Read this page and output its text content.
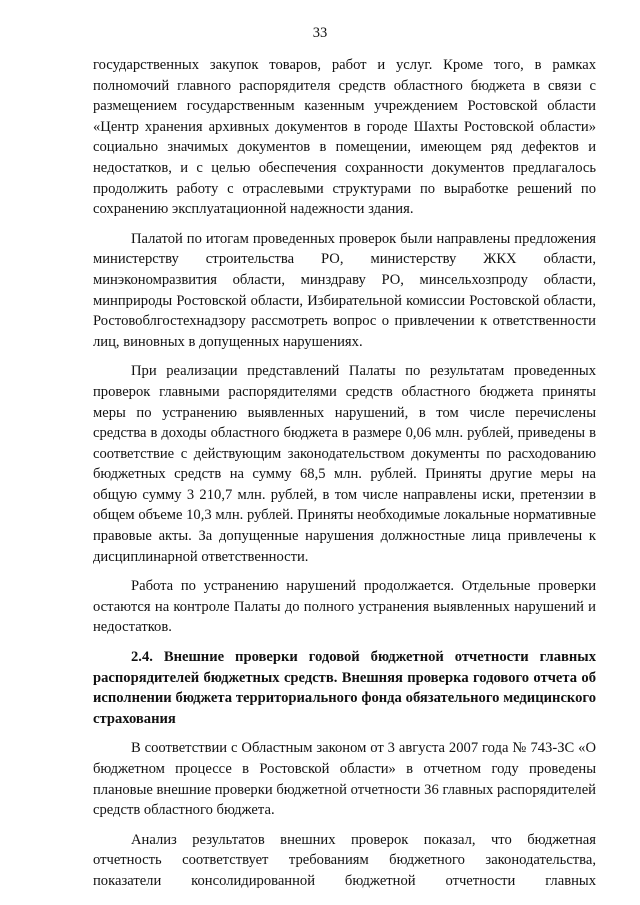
33

государственных закупок товаров, работ и услуг. Кроме того, в рамках полномочий главного распорядителя средств областного бюджета в связи с размещением государственным казенным учреждением Ростовской области «Центр хранения архивных документов в городе Шахты Ростовской области» социально значимых документов в помещении, имеющем ряд дефектов и недостатков, и с целью обеспечения сохранности документов предлагалось продолжить работу с отраслевыми структурами по выработке решений по сохранению эксплуатационной надежности здания.

Палатой по итогам проведенных проверок были направлены предложения министерству строительства РО, министерству ЖКХ области, минэкономразвития области, минздраву РО, минсельхозпроду области, минприроды Ростовской области, Избирательной комиссии Ростовской области, Ростовоблгостехнадзору рассмотреть вопрос о привлечении к ответственности лиц, виновных в допущенных нарушениях.

При реализации представлений Палаты по результатам проведенных проверок главными распорядителями средств областного бюджета приняты меры по устранению выявленных нарушений, в том числе перечислены средства в доходы областного бюджета в размере 0,06 млн. рублей, приведены в соответствие с действующим законодательством документы по расходованию бюджетных средств на сумму 68,5 млн. рублей. Приняты другие меры на общую сумму 3 210,7 млн. рублей, в том числе направлены иски, претензии в общем объеме 10,3 млн. рублей. Приняты необходимые локальные нормативные правовые акты. За допущенные нарушения должностные лица привлечены к дисциплинарной ответственности.

Работа по устранению нарушений продолжается. Отдельные проверки остаются на контроле Палаты до полного устранения выявленных нарушений и недостатков.

2.4. Внешние проверки годовой бюджетной отчетности главных распорядителей бюджетных средств. Внешняя проверка годового отчета об исполнении бюджета территориального фонда обязательного медицинского страхования

В соответствии с Областным законом от 3 августа 2007 года № 743-ЗС «О бюджетном процессе в Ростовской области» в отчетном году проведены плановые внешние проверки бюджетной отчетности 36 главных распорядителей средств областного бюджета.

Анализ результатов внешних проверок показал, что бюджетная отчетность соответствует требованиям бюджетного законодательства, показатели консолидированной бюджетной отчетности главных
